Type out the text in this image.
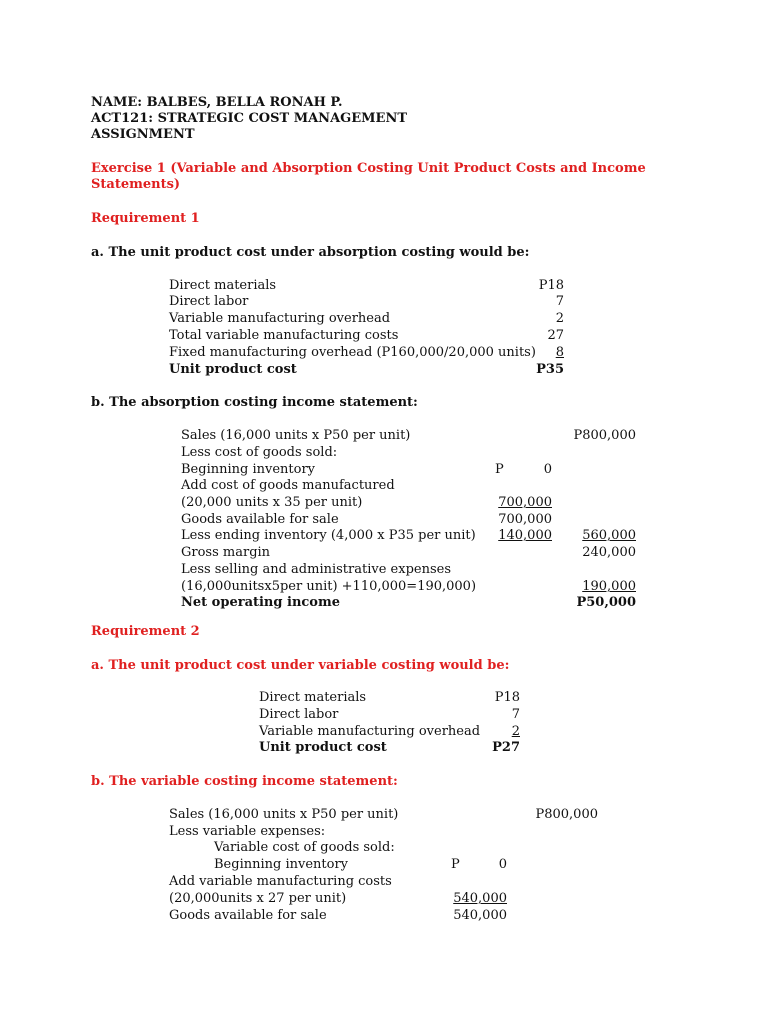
NAME: BALBES, BELLA RONAH P.
ACT121: STRATEGIC COST MANAGEMENT
ASSIGNMENT
Exercise 1 (Variable and Absorption Costing Unit Product Costs and Income
Statements)
Requirement 1
a. The unit product cost under absorption costing would be:
Direct materials	P18
Direct labor	7
Variable manufacturing overhead	2
Total variable manufacturing costs	27
Fixed manufacturing overhead (P160,000/20,000 units)	8
Unit product cost	P35
b. The absorption costing income statement:
Sales (16,000 units x P50 per unit)	P800,000
Less cost of goods sold:
Beginning inventory	P	0
Add cost of goods manufactured
(20,000 units x 35 per unit)	700,000
Goods available for sale	700,000
Less ending inventory (4,000 x P35 per unit)	140,000	560,000
Gross margin	240,000
Less selling and administrative expenses
(16,000unitsx5per unit) +110,000=190,000)	190,000
Net operating income	P50,000
Requirement 2
a. The unit product cost under variable costing would be:
Direct materials	P18
Direct labor	7
Variable manufacturing overhead	2
Unit product cost	P27
b. The variable costing income statement:
Sales (16,000 units x P50 per unit)	P800,000
Less variable expenses:
Variable cost of goods sold:
Beginning inventory	P	0
Add variable manufacturing costs
(20,000units x 27 per unit)	540,000
Goods available for sale	540,000
